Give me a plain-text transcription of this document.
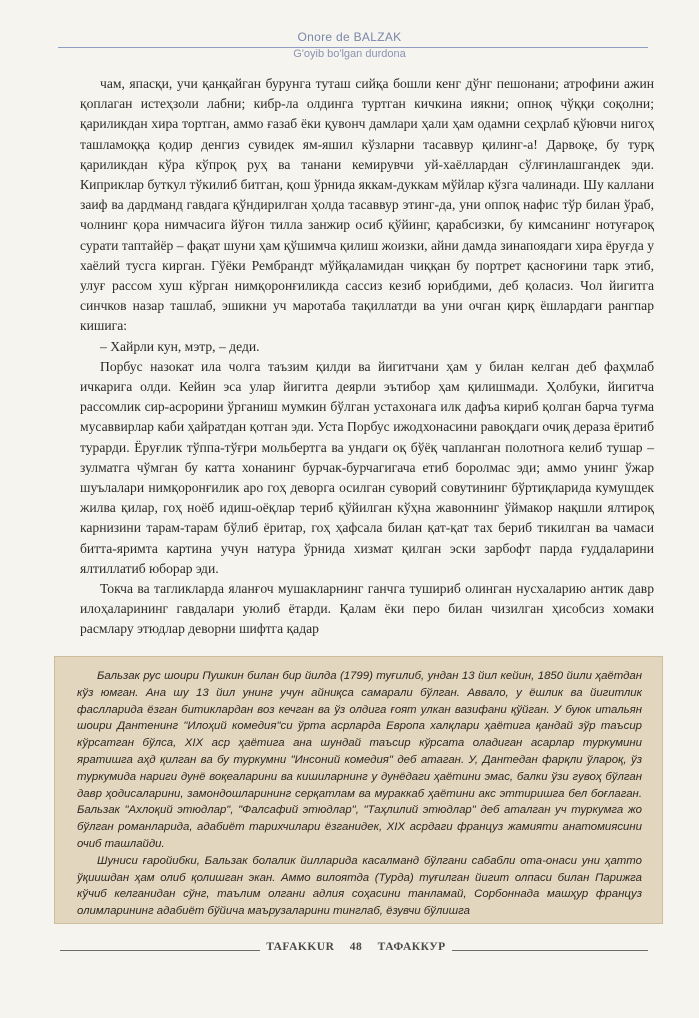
Onore de BALZAK
G'oyib bo'lgan durdona

чам, япасқи, учи қанқайган бурунга туташ сийқа бошли кенг дўнг пешонани; атрофини ажин қоплаган истеҳзоли лабни; кибр-ла олдинга туртган кичкина иякни; опноқ чўққи соқолни; қариликдан хира тортган, аммо ғазаб ёки қувонч дамлари ҳали ҳам одамни сеҳрлаб қўювчи нигоҳ ташламоққа қодир денгиз сувидек ям-яшил кўзларни тасаввур қилинг-а! Дарвоқе, бу турқ қариликдан кўра кўпроқ руҳ ва танани кемирувчи уй-хаёллардан сўлғинлашгандек эди. Киприклар буткул тўкилиб битган, қош ўрнида яккам-дуккам мўйлар кўзга чалинади. Шу каллани заиф ва дардманд гавдага қўндирилган ҳолда тасаввур этинг-да, уни оппоқ нафис тўр билан ўраб, чолнинг қора нимчасига йўғон тилла занжир осиб қўйинг, қарабсизки, бу кимсанинг нотуғароқ сурати таптайёр – фақат шуни ҳам қўшимча қилиш жоизки, айни дамда зинапоядаги хира ёруғда у хаёлий тусга кирган. Гўёки Рембрандт мўйқаламидан чиққан бу портрет қаснoғини тарк этиб, улуғ рассом хуш кўрган нимқоронғиликда сассиз кезиб юрибдими, деб қоласиз. Чол йигитга синчков назар ташлаб, эшикни уч маротаба тақиллатди ва уни очган қирқ ёшлардаги рангпар кишига:

– Хайрли кун, мэтр, – деди.

Порбус назокат ила чолга таъзим қилди ва йигитчани ҳам у билан келган деб фаҳмлаб ичкарига олди. Кейин эса улар йигитга деярли эътибор ҳам қилишмади. Ҳолбуки, йигитча рассомлик сир-асрорини ўрганиш мумкин бўлган устахонага илк дафъа кириб қолган барча туғма мусаввирлар каби ҳайратдан қотган эди. Уста Порбус ижодхонасини равоқдаги очиқ дераза ёритиб турарди. Ёруғлик тўппа-тўғри мольбертга ва ундаги оқ бўёқ чапланган полотнога келиб тушар – зулматга чўмган бу катта хонанинг бурчак-бурчагигача етиб боролмас эди; аммо унинг ўжар шуълалари нимқоронғилик аро гоҳ деворга осилган суворий совутининг бўртиқларида кумушдек жилва қилар, гоҳ ноёб идиш-оёқлар териб қўйилган кўҳна жавоннинг ўймакор нақшли ялтироқ карнизини тарам-тарам бўлиб ёритар, гоҳ ҳафсала билан қат-қат тах бериб тикилган ва чамаси битта-яримта картина учун натура ўрнида хизмат қилган эски зарбофт парда ғуддаларини ялтиллатиб юборар эди.

Токча ва тагликларда яланғоч мушакларнинг ганчга тушириб олинган нусхаларию антик давр илоҳаларининг гавдалари уюлиб ётарди. Қалам ёки перо билан чизилган ҳисобсиз хомаки расмлару этюдлар деворни шифтга қадар

Бальзак рус шоири Пушкин билан бир йилда (1799) туғилиб, ундан 13 йил кейин, 1850 йили ҳаётдан кўз юмган. Ана шу 13 йил унинг учун айниқса самарали бўлган. Аввало, у ёшлик ва йигитлик фаслларида ёзган битиклардан воз кечган ва ўз олдига ғоят улкан вазифани қўйган. У буюк итальян шоири Дантенинг "Илоҳий комедия"си ўрта асрларда Европа халқлари ҳаётига қандай зўр таъсир кўрсатган бўлса, XIX аср ҳаётига ана шундай таъсир кўрсата оладиган асарлар туркумини яратишга аҳд қилган ва бу туркумни "Инсоний комедия" деб атаган. У, Дантедан фарқли ўлароқ, ўз туркумида нариги дунё воқеаларини ва кишиларнинг у дунёдаги ҳаётини эмас, балки ўзи гувоҳ бўлган давр ҳодисаларини, замондошларининг серқатлам ва мураккаб ҳаётини акс эттиришга бел боғлаган. Бальзак "Ахлоқий этюдлар", "Фалсафий этюдлар", "Таҳлилий этюдлар" деб аталган уч туркумга жо бўлган романларида, адабиёт тарихчилари ёзганидек, XIX асрдаги француз жамияти анатомиясини очиб ташлайди.

Шуниси ғаройибки, Бальзак болалик йилларида касалманд бўлгани сабабли ота-онаси уни ҳатто ўқиишдан ҳам олиб қолишган экан. Аммо вилоятда (Турда) туғилган йигит олпаси билан Парижга кўчиб келганидан сўнг, таълим олгани адлия соҳасини танламай, Сорбоннада машҳур француз олимларининг адабиёт бўйича маърузаларини тинглаб, ёзувчи бўлишга

TAFAKKUR 48 ТАФАККУР
